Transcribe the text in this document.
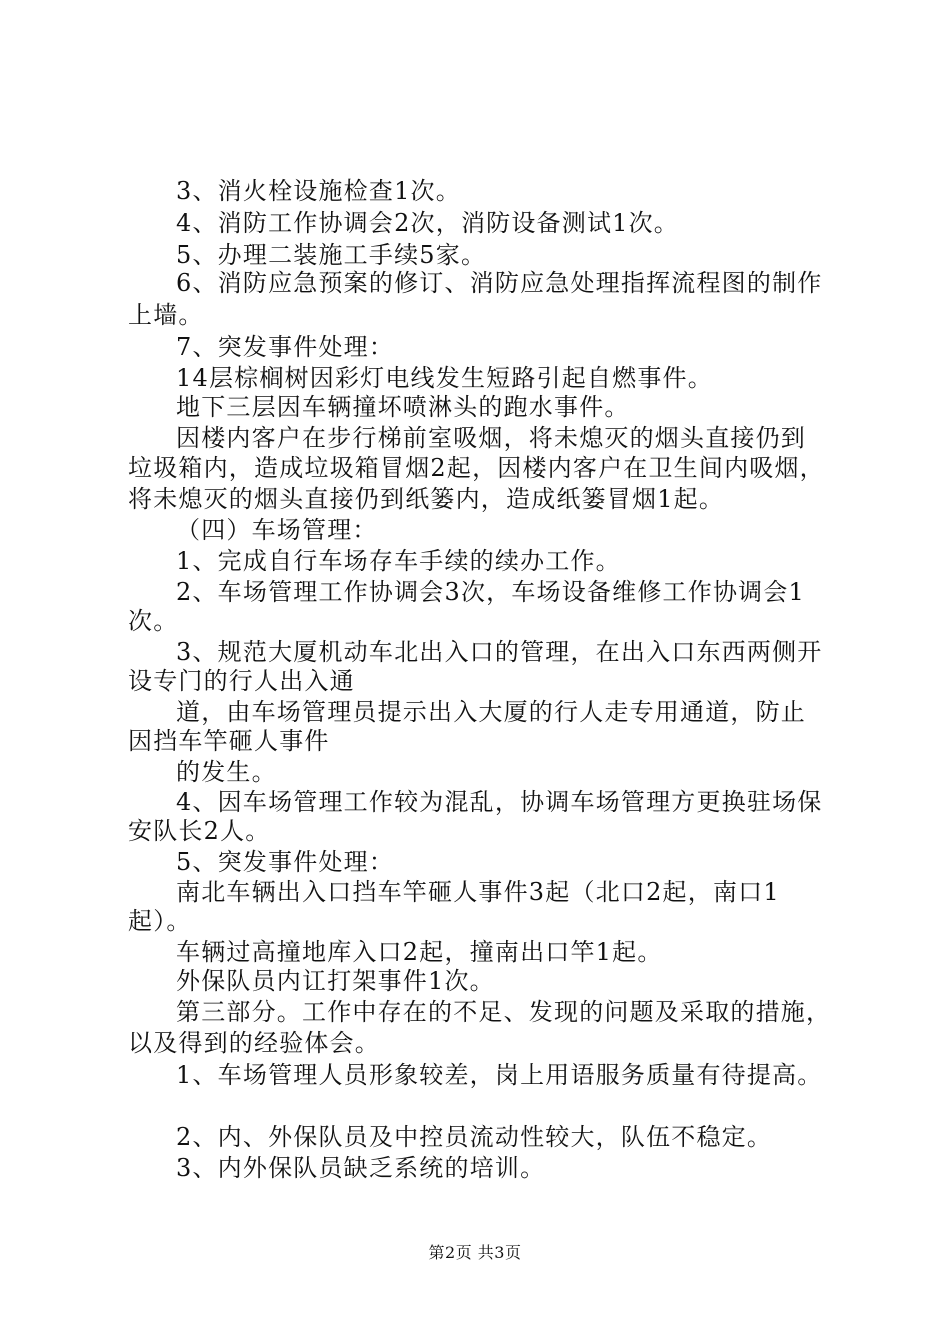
3、消火栓设施检查1次。
4、消防工作协调会2次，消防设备测试1次。
5、办理二装施工手续5家。
6、消防应急预案的修订、消防应急处理指挥流程图的制作
上墙。
7、突发事件处理：
14层棕榈树因彩灯电线发生短路引起自燃事件。
地下三层因车辆撞坏喷淋头的跑水事件。
因楼内客户在步行梯前室吸烟，将未熄灭的烟头直接仍到
垃圾箱内，造成垃圾箱冒烟2起，因楼内客户在卫生间内吸烟，
将未熄灭的烟头直接仍到纸篓内，造成纸篓冒烟1起。
（四）车场管理：
1、完成自行车场存车手续的续办工作。
2、车场管理工作协调会3次，车场设备维修工作协调会1
次。
3、规范大厦机动车北出入口的管理，在出入口东西两侧开
设专门的行人出入通
道，由车场管理员提示出入大厦的行人走专用通道，防止
因挡车竿砸人事件
的发生。
4、因车场管理工作较为混乱，协调车场管理方更换驻场保
安队长2人。
5、突发事件处理：
南北车辆出入口挡车竿砸人事件3起（北口2起，南口1
起）。
车辆过高撞地库入口2起，撞南出口竿1起。
外保队员内讧打架事件1次。
第三部分。工作中存在的不足、发现的问题及采取的措施，
以及得到的经验体会。
1、车场管理人员形象较差，岗上用语服务质量有待提高。
2、内、外保队员及中控员流动性较大，队伍不稳定。
3、内外保队员缺乏系统的培训。
第2页 共3页
